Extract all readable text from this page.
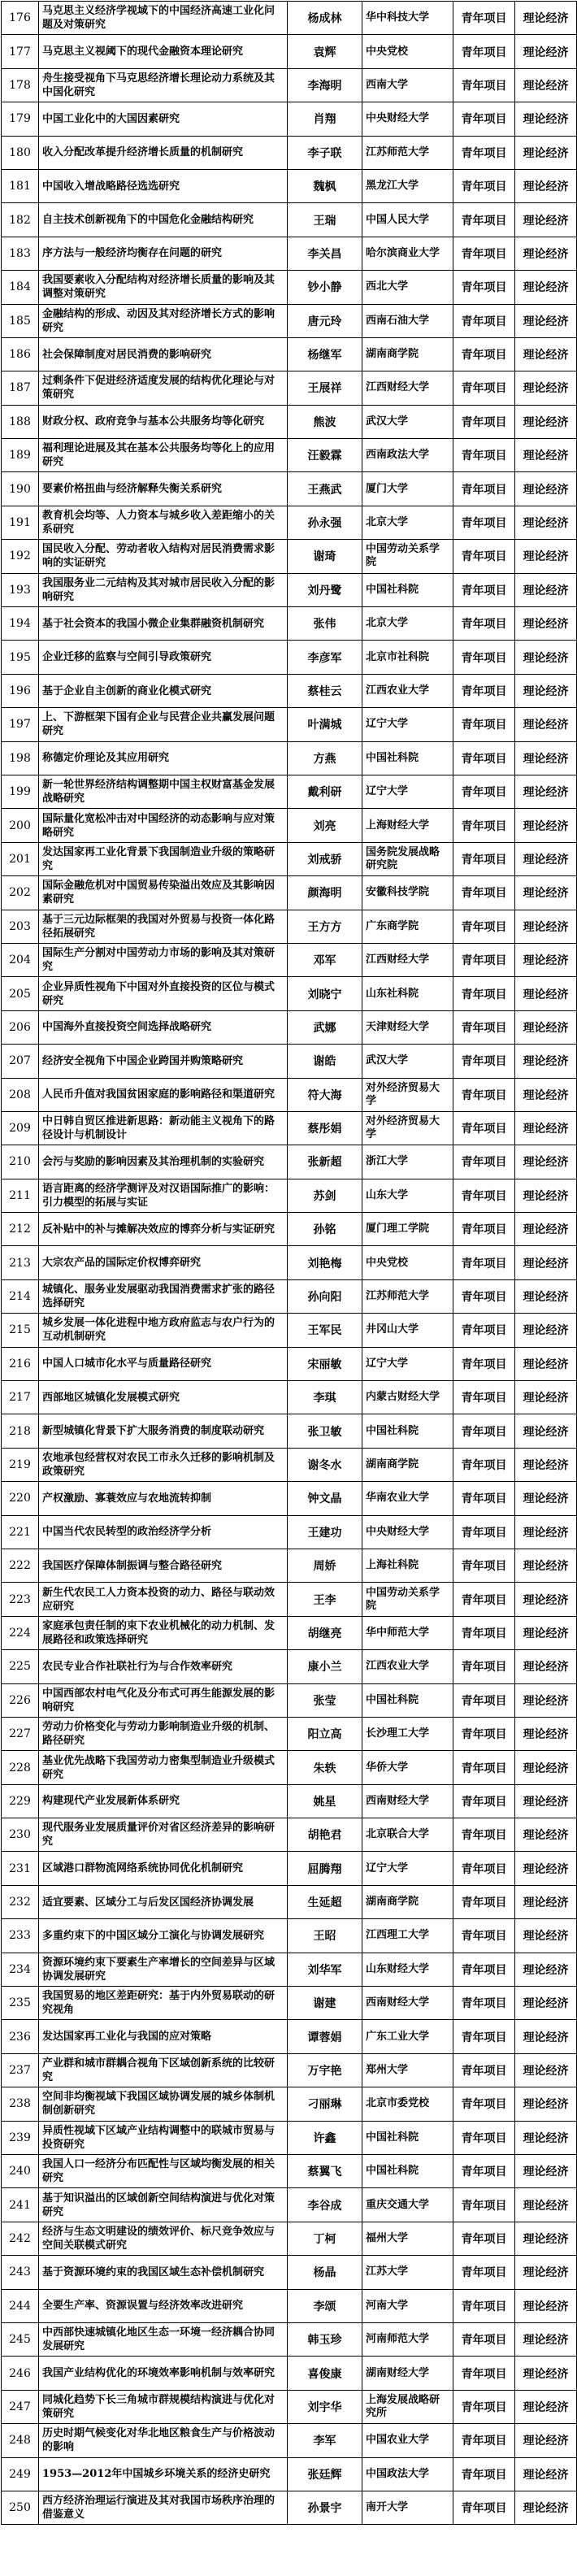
176	马克思主义经济学视域下的中国经济高速工业化问题及对策研究	杨成林	华中科技大学	青年项目	理论经济
177	马克思主义视阈下的现代金融资本理论研究	袁辉	中央党校	青年项目	理论经济
178	舟生接受视角下马克思经济增长理论动力系统及其中国化研究	李海明	西南大学	青年项目	理论经济
179	中国工业化中的大国因素研究	肖翔	中央财经大学	青年项目	理论经济
180	收入分配改革提升经济增长质量的机制研究	李子联	江苏师范大学	青年项目	理论经济
181	中国收入增战略路径选选研究	魏枫	黑龙江大学	青年项目	理论经济
182	自主技术创新视角下的中国危化金融结构研究	王瑞	中国人民大学	青年项目	理论经济
183	序方法与一般经济均衡存在问题的研究	李关昌	哈尔滨商业大学	青年项目	理论经济
184	我国要素收入分配结构对经济增长质量的影响及其调整对策研究	钞小静	西北大学	青年项目	理论经济
185	金融结构的形成、动因及其对经济增长方式的影响研究	唐元玲	西南石油大学	青年项目	理论经济
186	社会保障制度对居民消费的影响研究	杨继军	湖南商学院	青年项目	理论经济
187	过剩条件下促进经济适度发展的结构优化理论与对策研究	王展祥	江西财经大学	青年项目	理论经济
188	财政分权、政府竞争与基本公共服务均等化研究	熊波	武汉大学	青年项目	理论经济
189	福利理论进展及其在基本公共服务均等化上的应用研究	汪毅霖	西南政法大学	青年项目	理论经济
190	要素价格扭曲与经济解释失衡关系研究	王燕武	厦门大学	青年项目	理论经济
191	教育机会均等、人力资本与城乡收入差距缩小的关系研究	孙永强	北京大学	青年项目	理论经济
192	国民收入分配、劳动者收入结构对居民消费需求影响的实证研究	谢琦	中国劳动关系学院	青年项目	理论经济
193	我国服务业二元结构及其对城市居民收入分配的影响研究	刘丹鹭	中国社科院	青年项目	理论经济
194	基于社会资本的我国小微企业集群融资机制研究	张伟	北京大学	青年项目	理论经济
195	企业迁移的监察与空间引导政策研究	李彦军	北京市社科院	青年项目	理论经济
196	基于企业自主创新的商业化模式研究	蔡桂云	江西农业大学	青年项目	理论经济
197	上、下游框架下国有企业与民营企业共赢发展问题研究	叶满城	辽宁大学	青年项目	理论经济
198	称德定价理论及其应用研究	方燕	中国社科院	青年项目	理论经济
199	新一轮世界经济结构调整期中国主权财富基金发展战略研究	戴利研	辽宁大学	青年项目	理论经济
200	国际量化宽松冲击对中国经济的动态影响与应对策略研究	刘亮	上海财经大学	青年项目	理论经济
201	发达国家再工业化背景下我国制造业升级的策略研究	刘戒骄	国务院发展战略研究院	青年项目	理论经济
202	国际金融危机对中国贸易传染溢出效应及其影响因素研究	颜海明	安徽科技学院	青年项目	理论经济
203	基于三元边际框架的我国对外贸易与投资一体化路径拓展研究	王方方	广东商学院	青年项目	理论经济
204	国际生产分割对中国劳动力市场的影响及其对策研究	邓军	江西财经大学	青年项目	理论经济
205	企业异质性视角下中国对外直接投资的区位与模式研究	刘晓宁	山东社科院	青年项目	理论经济
206	中国海外直接投资空间选择战略研究	武娜	天津财经大学	青年项目	理论经济
207	经济安全视角下中国企业跨国并购策略研究	谢皓	武汉大学	青年项目	理论经济
208	人民币升值对我国贫困家庭的影响路径和渠道研究	符大海	对外经济贸易大学	青年项目	理论经济
209	中日韩自贸区推进新思路：新动能主义视角下的路径设计与机制设计	蔡彤娟	对外经济贸易大学	青年项目	理论经济
210	会污与奖励的影响因素及其治理机制的实验研究	张新超	浙江大学	青年项目	理论经济
211	语言距离的经济学测评及对汉语国际推广的影响：引力模型的拓展与实证	苏剑	山东大学	青年项目	理论经济
212	反补贴中的补与摊解决效应的博弈分析与实证研究	孙铭	厦门理工学院	青年项目	理论经济
213	大宗农产品的国际定价权博弈研究	刘艳梅	中央党校	青年项目	理论经济
214	城镇化、服务业发展驱动我国消费需求扩张的路径选择研究	孙向阳	江苏师范大学	青年项目	理论经济
215	城乡发展一体化进程中地方政府监志与农户行为的互动机制研究	王军民	井冈山大学	青年项目	理论经济
216	中国人口城市化水平与质量路径研究	宋丽敏	辽宁大学	青年项目	理论经济
217	西部地区城镇化发展模式研究	李琪	内蒙古财经大学	青年项目	理论经济
218	新型城镇化背景下扩大服务消费的制度联动研究	张卫敏	中国社科院	青年项目	理论经济
219	农地承包经营权对农民工市永久迁移的影响机制及政策研究	谢冬水	湖南商学院	青年项目	理论经济
220	产权激励、寡蓑效应与农地流转抑制	钟文晶	华南农业大学	青年项目	理论经济
221	中国当代农民转型的政治经济学分析	王建功	中央财经大学	青年项目	理论经济
222	我国医疗保障体制振调与整合路径研究	周娇	上海社科院	青年项目	理论经济
223	新生代农民工人力资本投资的动力、路径与联动效应研究	王李	中国劳动关系学院	青年项目	理论经济
224	家庭承包责任制的束下农业机械化的动力机制、发展路径和政策选择研究	胡继亮	华中师范大学	青年项目	理论经济
225	农民专业合作社联社行为与合作效率研究	康小兰	江西农业大学	青年项目	理论经济
226	中国西部农村电气化及分布式可再生能源发展的影响研究	张莹	中国社科院	青年项目	理论经济
227	劳动力价格变化与劳动力影响制造业升级的机制、路径研究	阳立高	长沙理工大学	青年项目	理论经济
228	基业优先战略下我国劳动力密集型制造业升级模式研究	朱轶	华侨大学	青年项目	理论经济
229	构建现代产业发展新体系研究	姚星	西南财经大学	青年项目	理论经济
230	现代服务业发展质量评价对省区经济差异的影响研究	胡艳君	北京联合大学	青年项目	理论经济
231	区域港口群物流网络系统协同优化机制研究	屈腾翔	辽宁大学	青年项目	理论经济
232	适宜要素、区域分工与后发区国经济协调发展	生延超	湖南商学院	青年项目	理论经济
233	多重约束下的中国区域分工演化与协调发展研究	王昭	江西理工大学	青年项目	理论经济
234	资源环境约束下要素生产率增长的空间差异与区域协调发展研究	刘华军	山东财经大学	青年项目	理论经济
235	我国贸易的地区差距研究：基于内外贸易联动的研究视角	谢建	西南财经大学	青年项目	理论经济
236	发达国家再工业化与我国的应对策略	谭蓉娟	广东工业大学	青年项目	理论经济
237	产业群和城市群耦合视角下区域创新系统的比较研究	万宇艳	郑州大学	青年项目	理论经济
238	空间非均衡视域下我国区域协调发展的城乡体制机制创新研究	刁丽琳	北京市委党校	青年项目	理论经济
239	异质性视域下区域产业结构调整中的联城市贸易与投资研究	许鑫	中国社科院	青年项目	理论经济
240	我国人口一经济分布匹配性与区域均衡发展的相关研究	蔡翼飞	中国社科院	青年项目	理论经济
241	基于知识溢出的区域创新空间结构演进与优化对策研究	李谷成	重庆交通大学	青年项目	理论经济
242	经济与生态文明建设的绩效评价、标尺竞争效应与空间关联模式研究	丁柯	福州大学	青年项目	理论经济
243	基于资源环境约束的我国区域生态补偿机制研究	杨晶	江苏大学	青年项目	理论经济
244	全要生产率、资源误置与经济效率改进研究	李颂	河南大学	青年项目	理论经济
245	中西部快速城镇化地区生态一环境一经济耦合协同发展研究	韩玉珍	河南师范大学	青年项目	理论经济
246	我国产业结构优化的环境效率影响机制与效率研究	喜俊康	湖南财经大学	青年项目	理论经济
247	同城化趋势下长三角城市群规模结构演进与优化对策研究	刘宇华	上海发展战略研究所	青年项目	理论经济
248	历史时期气候变化对华北地区粮食生产与价格波动的影响	李军	中国农业大学	青年项目	理论经济
249	1953—2012年中国城乡环境关系的经济史研究	张廷辉	中国政法大学	青年项目	理论经济
250	西方经济治理运行演进及其对我国市场秩序治理的借鉴意义	孙景宇	南开大学	青年项目	理论经济
